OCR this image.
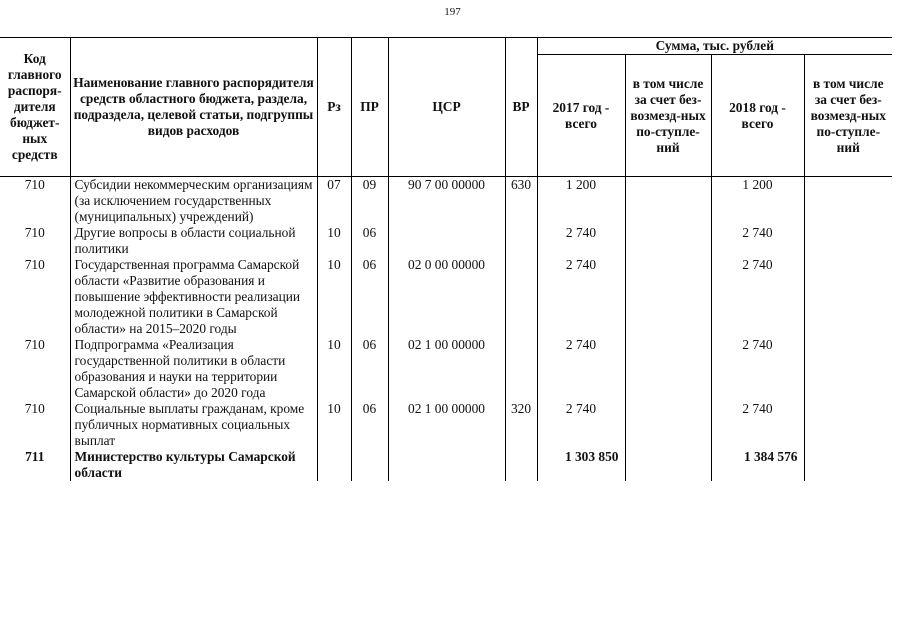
197
Код главного распоря-дителя бюджет-ных средств	Наименование главного распорядителя средств областного бюджета, раздела, подраздела, целевой статьи, подгруппы видов расходов	Рз	ПР	ЦСР	ВР	Сумма, тыс. рублей			
						2017 год - всего	в том числе за счет без-возмезд-ных по-ступле-ний	2018 год - всего	в том числе за счет без-возмезд-ных по-ступле-ний
710	Субсидии некоммерческим организациям (за исключением государственных (муниципальных) учреждений)	07	09	90 7 00 00000	630	1 200		1 200	
710	Другие вопросы в области социальной политики	10	06			2 740		2 740	
710	Государственная программа Самарской области «Развитие образования и повышение эффективности реализации молодежной политики в Самарской области» на 2015–2020 годы	10	06	02 0 00 00000		2 740		2 740	
710	Подпрограмма «Реализация государственной политики в области образования и науки на территории Самарской области» до 2020 года	10	06	02 1 00 00000		2 740		2 740	
710	Социальные выплаты гражданам, кроме публичных нормативных социальных выплат	10	06	02 1 00 00000	320	2 740		2 740	
711	Министерство культуры Самарской области					1 303 850		1 384 576	
